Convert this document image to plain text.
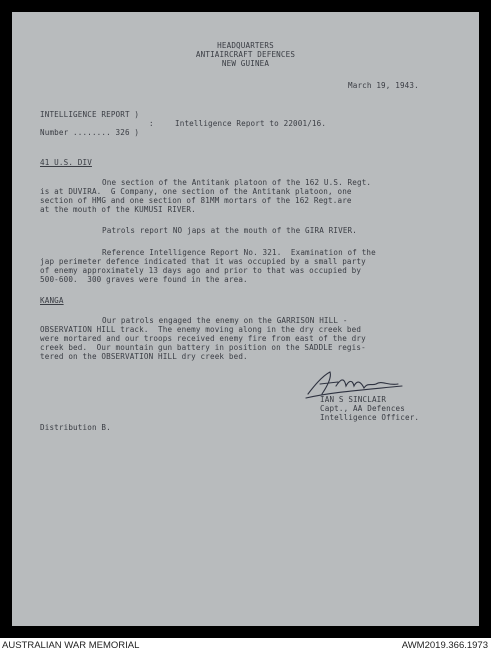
HEADQUARTERS
ANTIAIRCRAFT DEFENCES
NEW GUINEA
March 19, 1943.
INTELLIGENCE REPORT )
:
Number ........ 326 )
Intelligence Report to 22001/16.
41 U.S. DIV
One section of the Antitank platoon of the 162 U.S. Regt.
is at DUVIRA.  G Company, one section of the Antitank platoon, one
section of HMG and one section of 81MM mortars of the 162 Regt.are
at the mouth of the KUMUSI RIVER.
Patrols report NO japs at the mouth of the GIRA RIVER.
Reference Intelligence Report No. 321.  Examination of the
jap perimeter defence indicated that it was occupied by a small party
of enemy approximately 13 days ago and prior to that was occupied by
500-600.  300 graves were found in the area.
KANGA
Our patrols engaged the enemy on the GARRISON HILL -
OBSERVATION HILL track.  The enemy moving along in the dry creek bed
were mortared and our troops received enemy fire from east of the dry
creek bed.  Our mountain gun battery in position on the SADDLE regis-
tered on the OBSERVATION HILL dry creek bed.
IAN S SINCLAIR
Capt., AA Defences
Intelligence Officer.
Distribution B.
AUSTRALIAN WAR MEMORIAL	AWM2019.366.1973
